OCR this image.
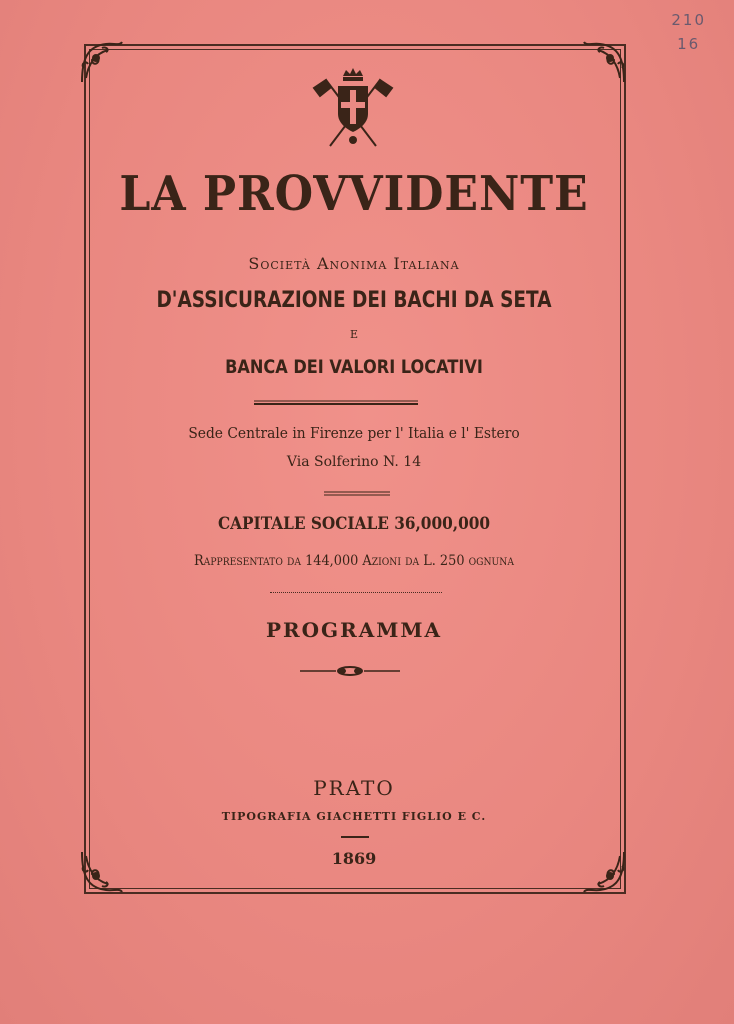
210
16
LA PROVVIDENTE
Società Anonima Italiana
D'ASSICURAZIONE DEI BACHI DA SETA
E
BANCA DEI VALORI LOCATIVI
Sede Centrale in Firenze per l' Italia e l' Estero
Via Solferino N. 14
CAPITALE SOCIALE 36,000,000
Rappresentato da 144,000 Azioni da L. 250 ognuna
PROGRAMMA
PRATO
TIPOGRAFIA GIACHETTI FIGLIO E C.
1869
